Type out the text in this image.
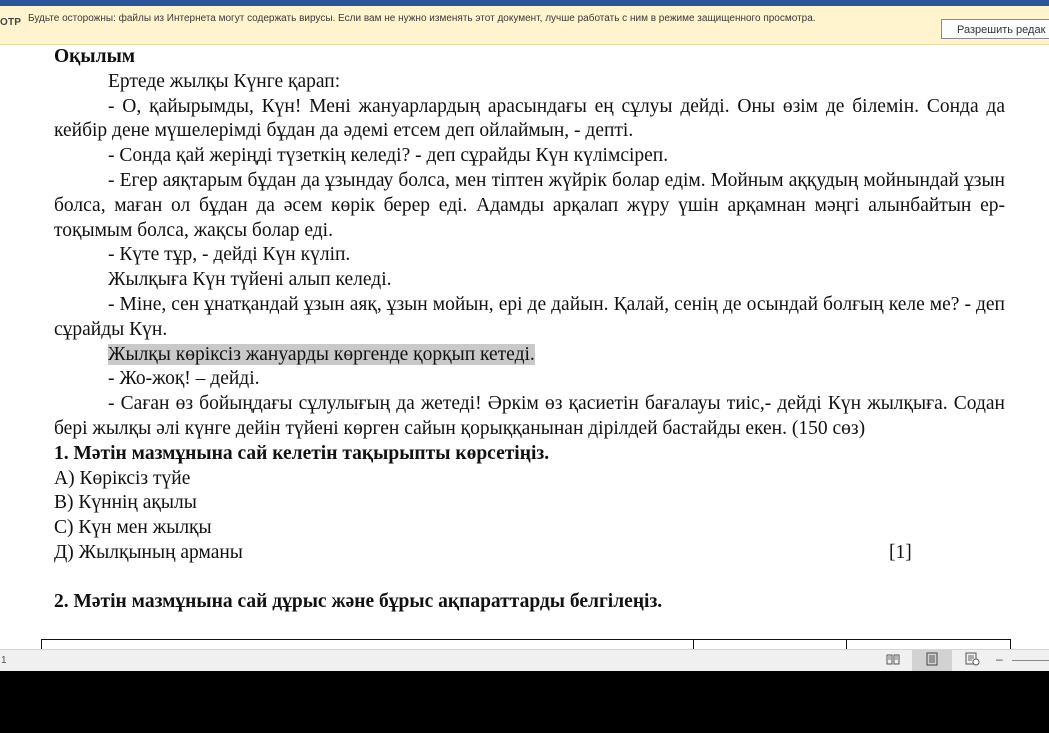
ОТР Будьте осторожны: файлы из Интернета могут содержать вирусы. Если вам не нужно изменять этот документ, лучше работать с ним в режиме защищенного просмотра.
Разрешить редак

Оқылым

Ертеде жылқы Күнге қарап:

- О, қайырымды, Күн! Мені жануарлардың арасындағы ең сұлуы дейді. Оны өзім де білемін. Сонда да кейбір дене мүшелерімді бұдан да әдемі етсем деп ойлаймын, - депті.

- Сонда қай жеріңді түзеткің келеді? - деп сұрайды Күн күлімсіреп.

- Егер аяқтарым бұдан да ұзындау болса, мен тіптен жүйрік болар едім. Мойным аққудың мойнындай ұзын болса, маған ол бұдан да әсем көрік берер еді. Адамды арқалап жүру үшін арқамнан мәңгі алынбайтын ер-тоқымым болса, жақсы болар еді.

- Күте тұр, - дейді Күн күліп.

Жылқыға Күн түйені алып келеді.

- Міне, сен ұнатқандай ұзын аяқ, ұзын мойын, ері де дайын. Қалай, сенің де осындай болғың келе ме? - деп сұрайды Күн.

Жылқы көріксіз жануарды көргенде қорқып кетеді.

- Жо-жоқ! – дейді.

- Саған өз бойыңдағы сұлулығың да жетеді! Әркім өз қасиетін бағалауы тиіс,- дейді Күн жылқыға. Содан бері жылқы әлі күнге дейін түйені көрген сайын қорыққанынан дірілдей бастайды екен. (150 сөз)

1. Мәтін мазмұнына сай келетін тақырыпты көрсетіңіз.

А) Көріксіз түйе

В) Күннің ақылы

С) Күн мен жылқы

Д) Жылқының арманы	[1]

2. Мәтін мазмұнына сай дұрыс және бұрыс ақпараттарды белгілеңіз.

1	–
